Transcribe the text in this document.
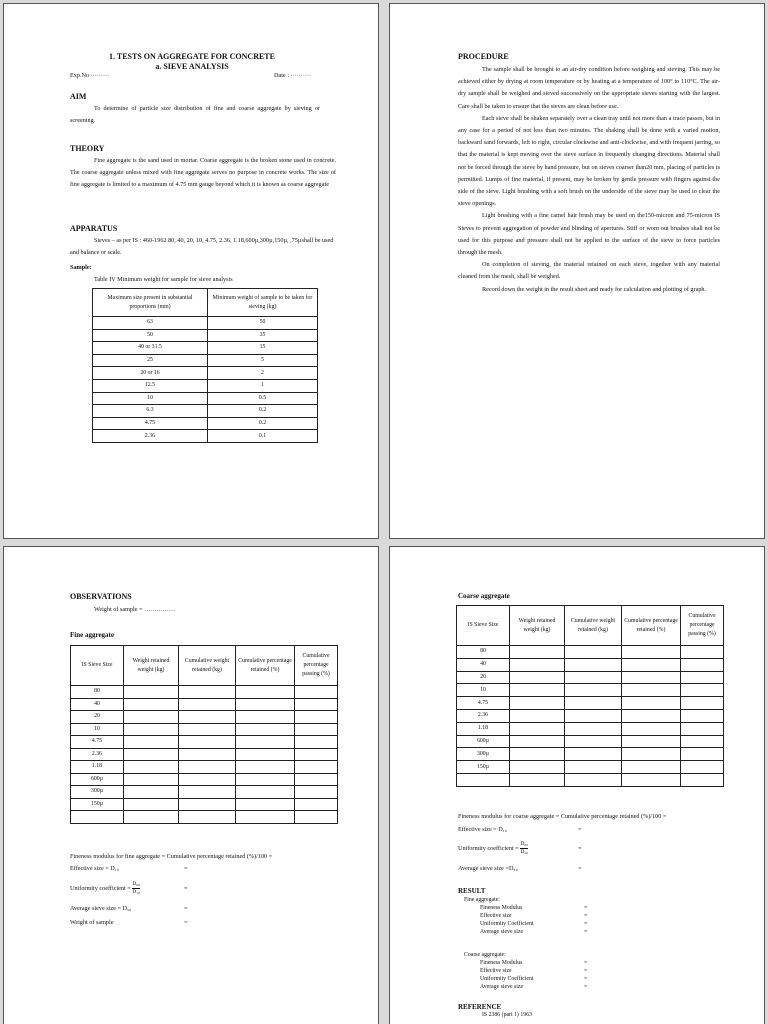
1. TESTS ON AGGREGATE FOR CONCRETE
a. SIEVE ANALYSIS
Exp.No ·········	Date : ··········
AIM
To determine of particle size distribution of fine and coarse aggregate by sieving or screening.
THEORY
Fine aggregate is the sand used in mortar. Coarse aggregate is the broken stone used in concrete. The coarse aggregate unless mixed with fine aggregate serves no purpose in concrete works. The size of fine aggregate is limited to a maximum of 4.75 mm gauge beyond which it is known as coarse aggregate
APPARATUS
Sieves – as per IS : 460-1962 80, 40, 20, 10, 4.75, 2.36, 1.18,600µ,300µ,150µ, ,75µshall be used and balance or scale.
Sample:
Table IV Minimum weight for sample for sieve analysis
Maximum size present in substantial proportions (mm)	Minimum weight of sample to be taken for sieving (kg)
63	50
50	35
40 or 31.5	15
25	5
20 or 16	2
12.5	1
10	0.5
6.3	0.2
4.75	0.2
2.36	0.1
PROCEDURE

The sample shall be brought to an air-dry condition before weighing and sieving. This may be achieved either by drying at room temperature or by heating at a temperature of 100° to 110°C. The air-dry sample shall be weighed and sieved successively on the appropriate sieves starting with the largest. Care shall be taken to ensure that the sieves are clean before use.

Each sieve shall be shaken separately over a clean tray until not more than a trace passes, but in any case for a period of not less than two minutes. The shaking shall be done with a varied motion, backward sand forwards, left to right, circular clockwise and anti-clockwise, and with frequent jarring, so that the material is kept moving over the sieve surface in frequently changing directions. Material shall not be forced through the sieve by hand pressure, but on sieves coarser than20 mm, placing of particles is permitted. Lumps of fine material, if present, may be broken by gentle pressure with fingers against the side of the sieve. Light brushing with a soft brush on the underside of the sieve may be used to clear the sieve openings.

Light brushing with a fine camel hair brush may be used on the150-micron and 75-micron IS Sieves to prevent aggregation of powder and blinding of apertures. Stiff or worn out brushes shall not be used for this purpose and pressure shall not be applied to the surface of the sieve to force particles through the mesh.

On completion of sieving, the material retained on each sieve, together with any material cleaned from the mesh, shall be weighed.

Record down the weight in the result sheet and ready for calculation and plotting of graph.

OBSERVATIONS
Weight of sample = ……………
Fine aggregate
IS Sieve Size	Weight retained weight (kg)	Cumulative weight retained (kg)	Cumulative percentage retained (%)	Cumulative percentage passing (%)
80				
40				
20				
10				
4.75				
2.36				
1.18				
600µ				
300µ				
150µ				

Fineness modulus for fine aggregate = Cumulative percentage retained (%)/100 =
Effective size = D₁₀	=
Uniformity coefficient = $\frac{\text{D₆₀}}{\text{D₁₀}}$	=
Average sieve size = D₅₀	=
Weight of sample	=
Coarse aggregate
IS Sieve Size	Weight retained weight (kg)	Cumulative weight retained (kg)	Cumulative percentage retained (%)	Cumulative percentage passing (%)
80				
40				
20				
10				
4.75				
2.36				
1.18				
600µ				
300µ				
150µ				

Fineness modulus for coarse aggregate = Cumulative percentage retained (%)/100 =
Effective size = D₁₀	=
Uniformity coefficient = $\frac{\text{D₆₀}}{\text{D₁₀}}$	=
Average sieve size =D₅₀	=
RESULT
Fine aggregate:
Fineness Modulus	=
Effective size	=
Uniformity Coefficient	=
Average sieve size	=
Coarse aggregate:
Fineness Modulus	=
Effective size	=
Uniformity Coefficient	=
Average sieve size	=
REFERENCE
IS 2386 (part 1) 1963
